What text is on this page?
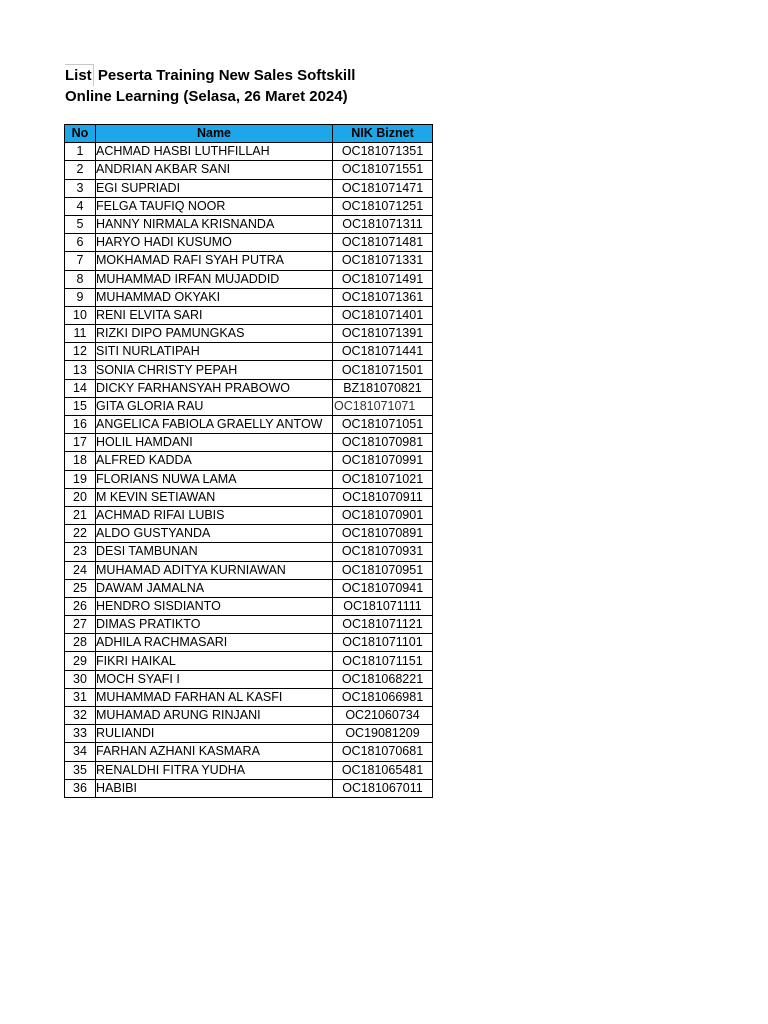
List Peserta Training New Sales Softskill
Online Learning (Selasa, 26 Maret 2024)
No	Name	NIK Biznet
1	ACHMAD HASBI LUTHFILLAH	OC181071351
2	ANDRIAN AKBAR SANI	OC181071551
3	EGI SUPRIADI	OC181071471
4	FELGA TAUFIQ NOOR	OC181071251
5	HANNY NIRMALA KRISNANDA	OC181071311
6	HARYO HADI KUSUMO	OC181071481
7	MOKHAMAD RAFI SYAH PUTRA	OC181071331
8	MUHAMMAD IRFAN MUJADDID	OC181071491
9	MUHAMMAD OKYAKI	OC181071361
10	RENI ELVITA SARI	OC181071401
11	RIZKI DIPO PAMUNGKAS	OC181071391
12	SITI NURLATIPAH	OC181071441
13	SONIA CHRISTY PEPAH	OC181071501
14	DICKY FARHANSYAH PRABOWO	BZ181070821
15	GITA GLORIA RAU	OC181071071
16	ANGELICA FABIOLA GRAELLY ANTOW	OC181071051
17	HOLIL HAMDANI	OC181070981
18	ALFRED KADDA	OC181070991
19	FLORIANS NUWA LAMA	OC181071021
20	M KEVIN SETIAWAN	OC181070911
21	ACHMAD RIFAI LUBIS	OC181070901
22	ALDO GUSTYANDA	OC181070891
23	DESI TAMBUNAN	OC181070931
24	MUHAMAD ADITYA KURNIAWAN	OC181070951
25	DAWAM JAMALNA	OC181070941
26	HENDRO SISDIANTO	OC181071111
27	DIMAS PRATIKTO	OC181071121
28	ADHILA RACHMASARI	OC181071101
29	FIKRI HAIKAL	OC181071151
30	MOCH SYAFI I	OC181068221
31	MUHAMMAD FARHAN AL KASFI	OC181066981
32	MUHAMAD ARUNG RINJANI	OC21060734
33	RULIANDI	OC19081209
34	FARHAN AZHANI KASMARA	OC181070681
35	RENALDHI FITRA YUDHA	OC181065481
36	HABIBI	OC181067011
